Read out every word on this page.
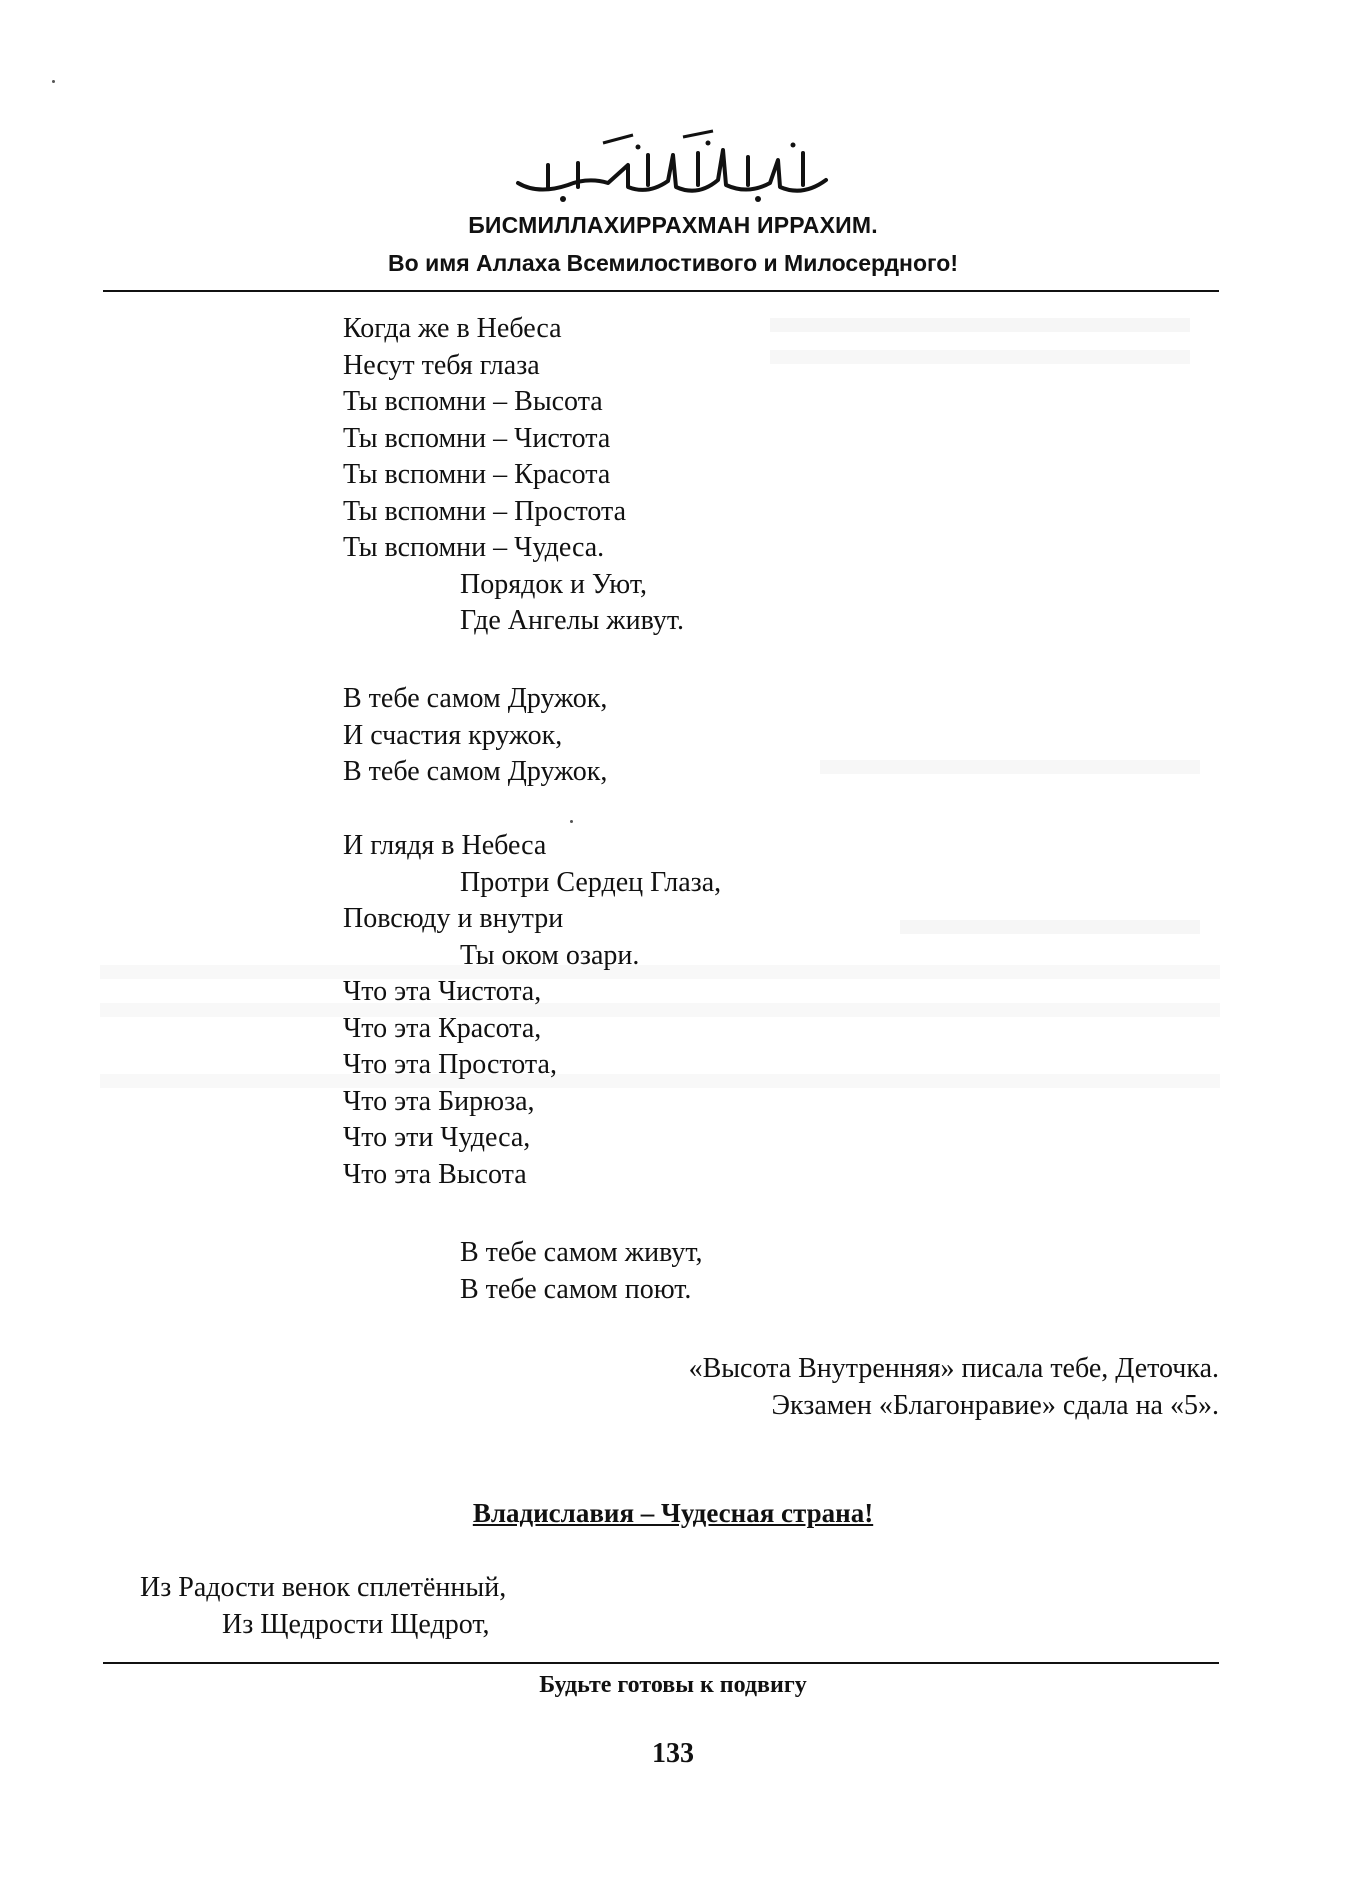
БИСМИЛЛАХИРРАХМАН ИРРАХИМ.
Во имя Аллаха Всемилостивого и Милосердного!
Когда же в Небеса
Несут тебя глаза
Ты вспомни – Высота
Ты вспомни – Чистота
Ты вспомни – Красота
Ты вспомни – Простота
Ты вспомни – Чудеса.
Порядок и Уют,
Где Ангелы живут.
В тебе самом Дружок,
И счастия кружок,
В тебе самом Дружок,
И глядя в Небеса
Протри Сердец Глаза,
Повсюду и внутри
Ты оком озари.
Что эта Чистота,
Что эта Красота,
Что эта Простота,
Что эта Бирюза,
Что эти Чудеса,
Что эта Высота
В тебе самом живут,
В тебе самом поют.
«Высота Внутренняя» писала тебе, Деточка.
Экзамен «Благонравие» сдала на «5».
Владиславия – Чудесная страна!
Из Радости венок сплетённый,
Из Щедрости Щедрот,
Будьте готовы к подвигу
133
